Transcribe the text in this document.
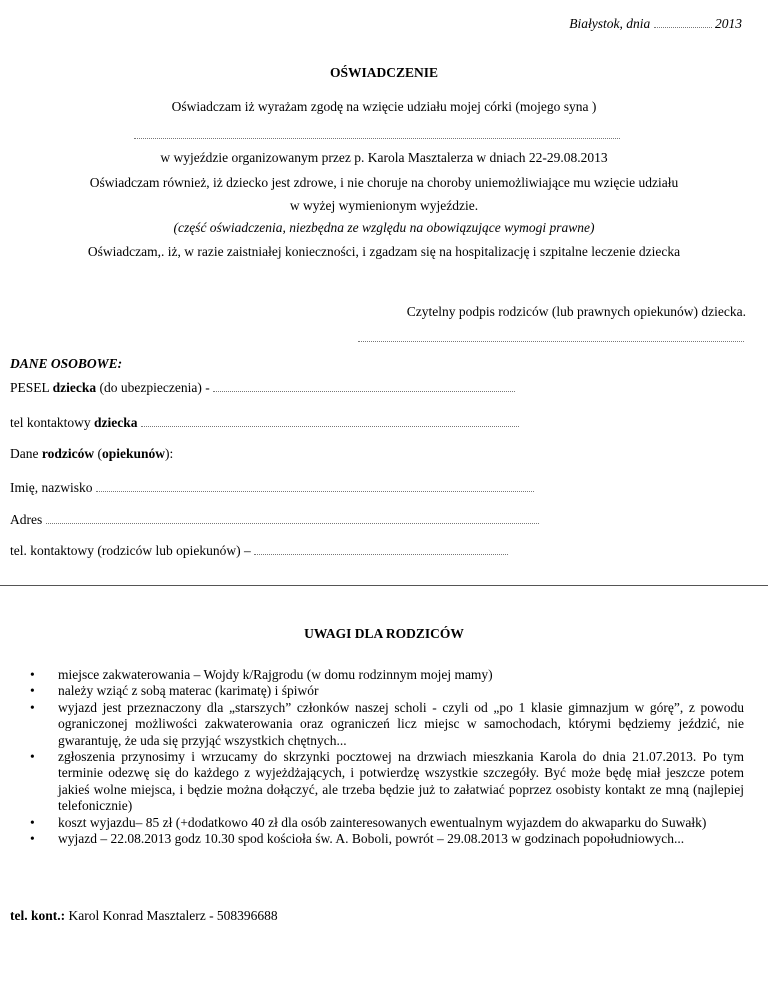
Białystok, dnia	2013
OŚWIADCZENIE
Oświadczam iż wyrażam zgodę na wzięcie udziału mojej córki (mojego syna )
w wyjeździe organizowanym przez p. Karola Masztalerza w dniach 22-29.08.2013
Oświadczam również, iż dziecko jest zdrowe, i nie choruje na choroby uniemożliwiające mu wzięcie udziału
w wyżej wymienionym wyjeździe.
(część oświadczenia, niezbędna ze względu na obowiązujące wymogi prawne)
Oświadczam,. iż, w razie zaistniałej konieczności, i zgadzam się na hospitalizację i szpitalne leczenie dziecka
Czytelny podpis rodziców (lub prawnych opiekunów) dziecka.
DANE OSOBOWE:
PESEL dziecka (do ubezpieczenia) -
tel kontaktowy dziecka
Dane rodziców (opiekunów):
Imię, nazwisko
Adres
tel. kontaktowy (rodziców lub opiekunów) –
UWAGI DLA RODZICÓW
• miejsce zakwaterowania – Wojdy k/Rajgrodu (w domu rodzinnym mojej mamy)
• należy wziąć z sobą materac (karimatę) i śpiwór
• wyjazd jest przeznaczony dla „starszych” członków naszej scholi - czyli od „po 1 klasie gimnazjum w górę”, z powodu ograniczonej możliwości zakwaterowania oraz ograniczeń licz miejsc w samochodach, którymi będziemy jeździć, nie gwarantuję, że uda się przyjąć wszystkich chętnych...
• zgłoszenia przynosimy i wrzucamy do skrzynki pocztowej na drzwiach mieszkania Karola do dnia 21.07.2013. Po tym terminie odezwę się do każdego z wyjeżdżających, i potwierdzę wszystkie szczegóły. Być może będę miał jeszcze potem jakieś wolne miejsca, i będzie można dołączyć, ale trzeba będzie już to załatwiać poprzez osobisty kontakt ze mną (najlepiej telefonicznie)
• koszt wyjazdu– 85 zł (+dodatkowo 40 zł dla osób zainteresowanych ewentualnym wyjazdem do akwaparku do Suwałk)
• wyjazd – 22.08.2013 godz 10.30 spod kościoła św. A. Boboli, powrót – 29.08.2013 w godzinach popołudniowych...
tel. kont.: Karol Konrad Masztalerz - 508396688
